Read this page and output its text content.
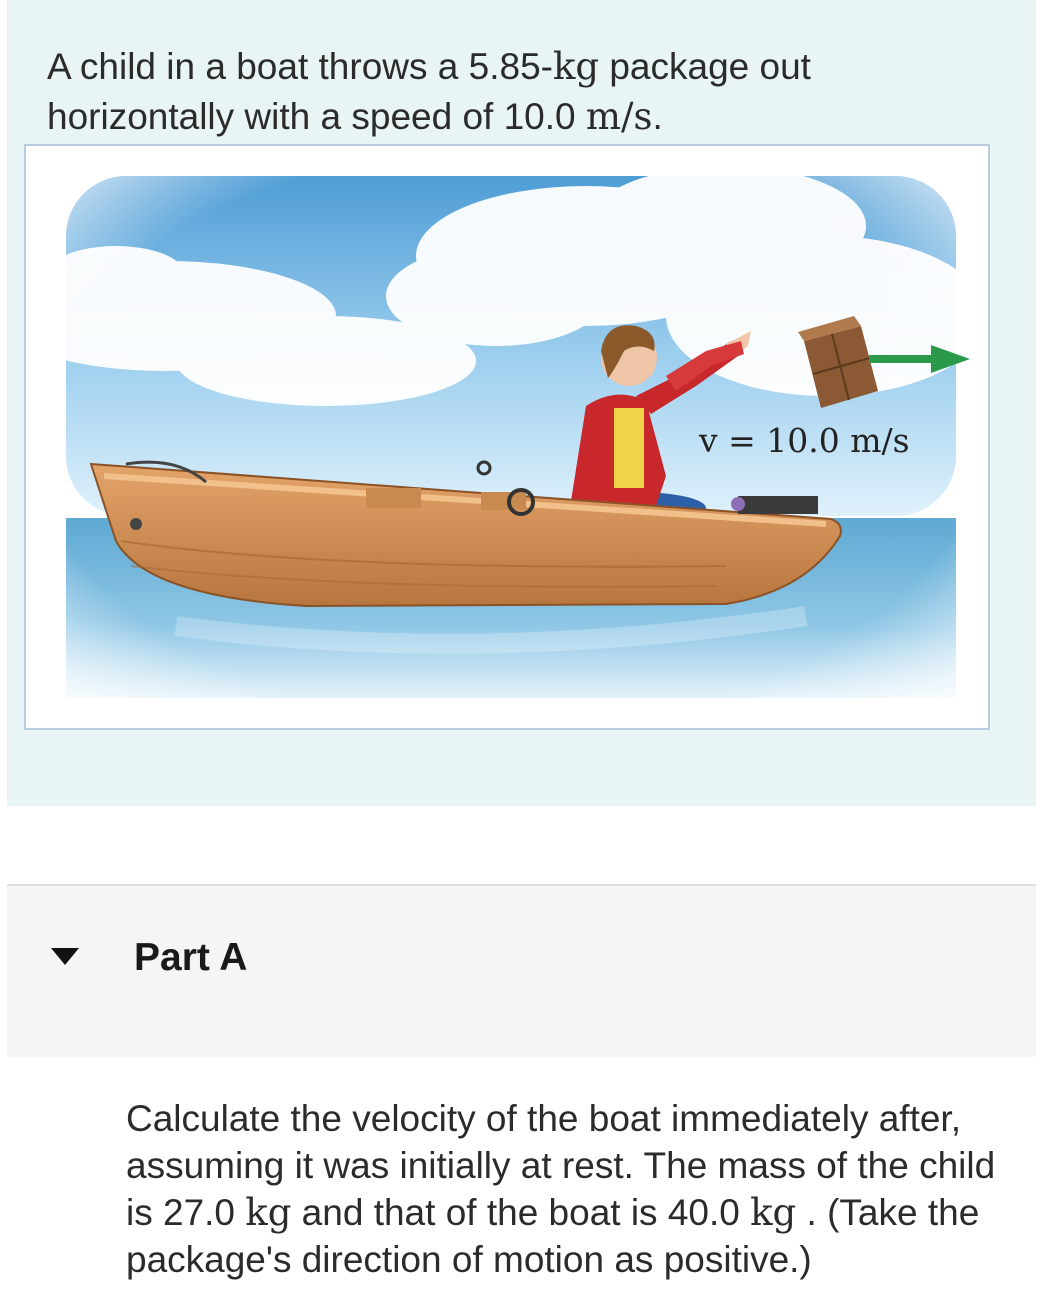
A child in a boat throws a 5.85-kg package out horizontally with a speed of 10.0 m/s.
v = 10.0 m/s
Part A
Calculate the velocity of the boat immediately after, assuming it was initially at rest. The mass of the child is 27.0 kg and that of the boat is 40.0 kg . (Take the package's direction of motion as positive.)
